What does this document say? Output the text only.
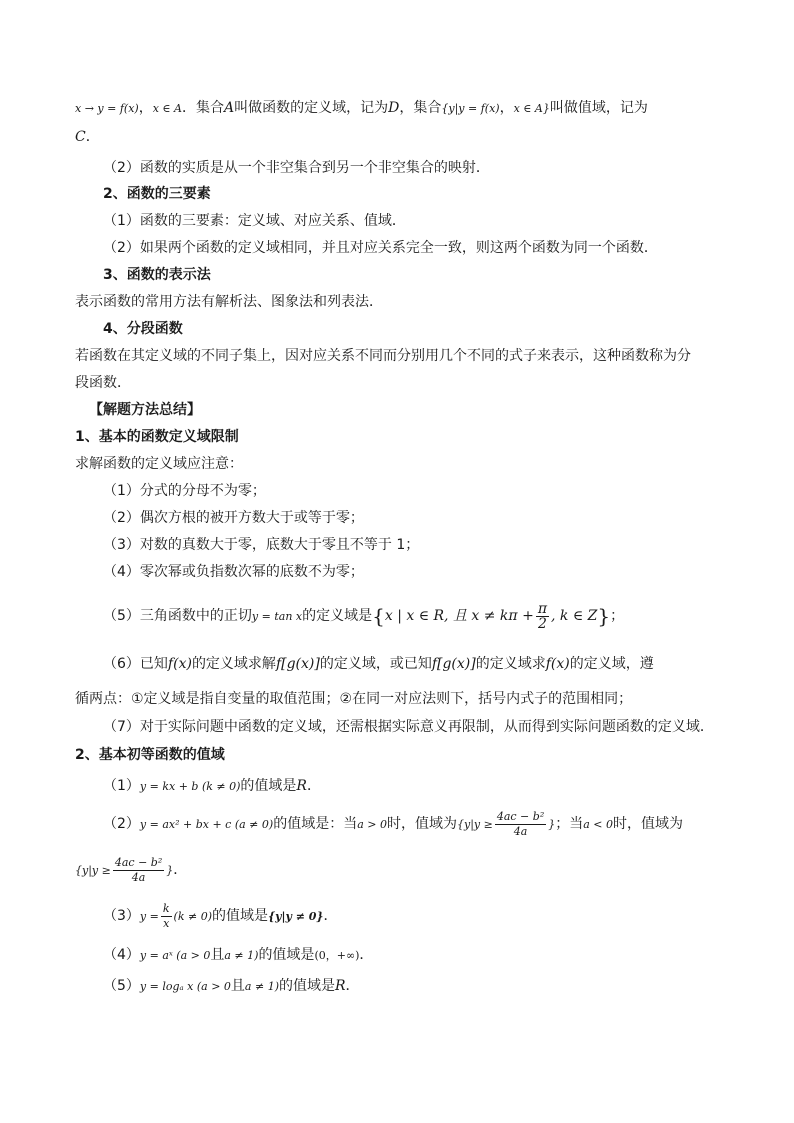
x → y = f(x)，x ∈ A．集合A叫做函数的定义域，记为D，集合{y|y = f(x)，x ∈ A}叫做值域，记为
C．
（2）函数的实质是从一个非空集合到另一个非空集合的映射．
2、函数的三要素
（1）函数的三要素：定义域、对应关系、值域．
（2）如果两个函数的定义域相同，并且对应关系完全一致，则这两个函数为同一个函数．
3、函数的表示法
表示函数的常用方法有解析法、图象法和列表法．
4、分段函数
若函数在其定义域的不同子集上，因对应关系不同而分别用几个不同的式子来表示，这种函数称为分
段函数．
【解题方法总结】
1、基本的函数定义域限制
求解函数的定义域应注意：
（1）分式的分母不为零；
（2）偶次方根的被开方数大于或等于零；
（3）对数的真数大于零，底数大于零且不等于 1；
（4）零次幂或负指数次幂的底数不为零；
（5）三角函数中的正切y = tan x的定义域是{x | x ∈ R, 且 $x \ne k\pi + \frac{\pi}{2}$ , k ∈ Z}；
（6）已知f(x)的定义域求解f[g(x)]的定义域，或已知f[g(x)]的定义域求f(x)的定义域，遵
循两点：①定义域是指自变量的取值范围；②在同一对应法则下，括号内式子的范围相同；
（7）对于实际问题中函数的定义域，还需根据实际意义再限制，从而得到实际问题函数的定义域．
2、基本初等函数的值域
（1）y = kx + b (k ≠ 0)的值域是R．
（2）y = ax² + bx + c (a ≠ 0)的值域是：当a > 0时，值域为{$y|y \ge \frac{\text{4ac − b²}}{4a}$ }；当a < 0时，值域为
{$y|y \ge \frac{\text{4ac − b²}}{4a}$ }．
$(3)y = \frac{k}{x} (k \ne 0)$的值域是{y|y ≠ 0}．
（4）y = aˣ (a > 0且a ≠ 1)的值域是(0，+∞)．
（5）y = logₐ x (a > 0且a ≠ 1)的值域是R．
